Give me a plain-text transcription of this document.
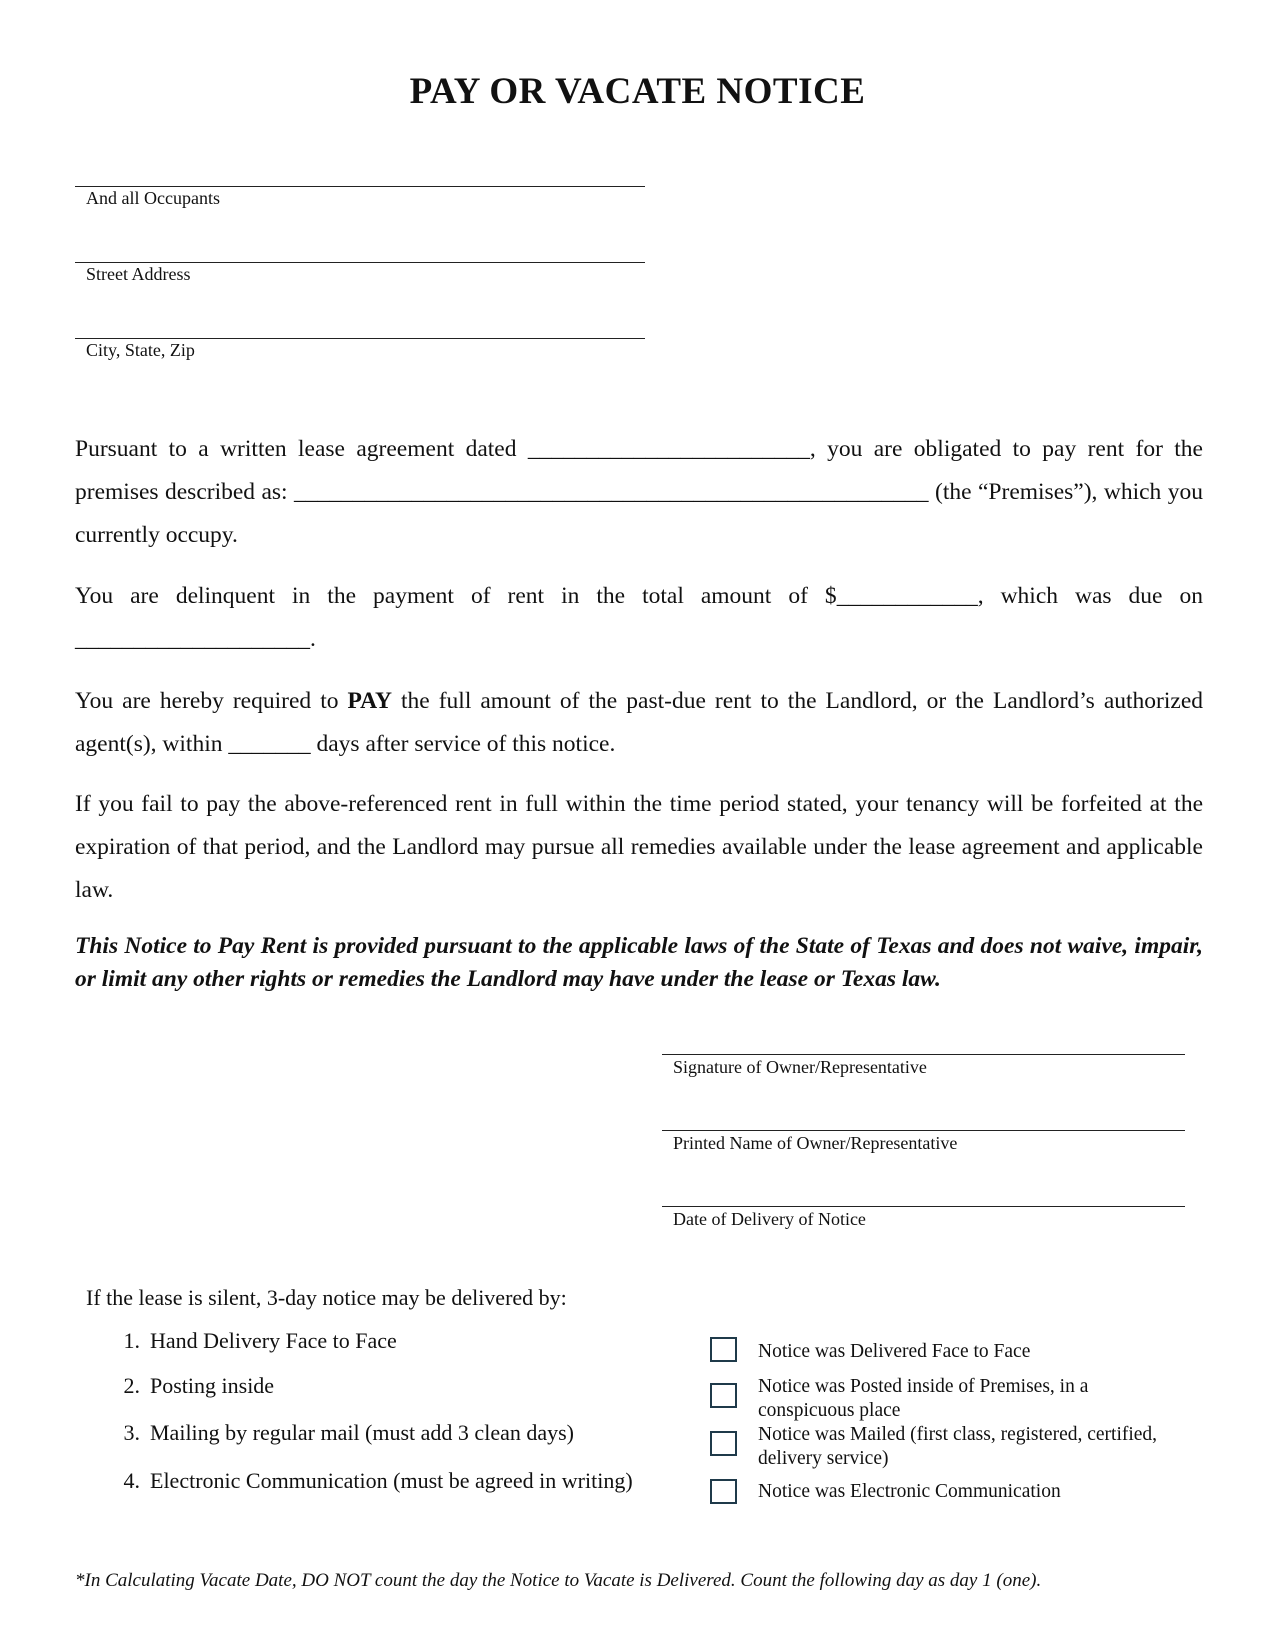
PAY OR VACATE NOTICE
And all Occupants
Street Address
City, State, Zip
Pursuant to a written lease agreement dated ________________________, you are obligated to pay rent for the premises described as: ______________________________________________________ (the “Premises”), which you currently occupy.
You are delinquent in the payment of rent in the total amount of $____________, which was due on
____________________.
You are hereby required to PAY the full amount of the past-due rent to the Landlord, or the Landlord’s authorized agent(s), within _______ days after service of this notice.
If you fail to pay the above-referenced rent in full within the time period stated, your tenancy will be forfeited at the expiration of that period, and the Landlord may pursue all remedies available under the lease agreement and applicable law.
This Notice to Pay Rent is provided pursuant to the applicable laws of the State of Texas and does not waive, impair, or limit any other rights or remedies the Landlord may have under the lease or Texas law.
Signature of Owner/Representative
Printed Name of Owner/Representative
Date of Delivery of Notice
If the lease is silent, 3-day notice may be delivered by:
1. Hand Delivery Face to Face
2. Posting inside
3. Mailing by regular mail (must add 3 clean days)
4. Electronic Communication (must be agreed in writing)
Notice was Delivered Face to Face
Notice was Posted inside of Premises, in a conspicuous place
Notice was Mailed (first class, registered, certified, delivery service)
Notice was Electronic Communication
*In Calculating Vacate Date, DO NOT count the day the Notice to Vacate is Delivered. Count the following day as day 1 (one).
